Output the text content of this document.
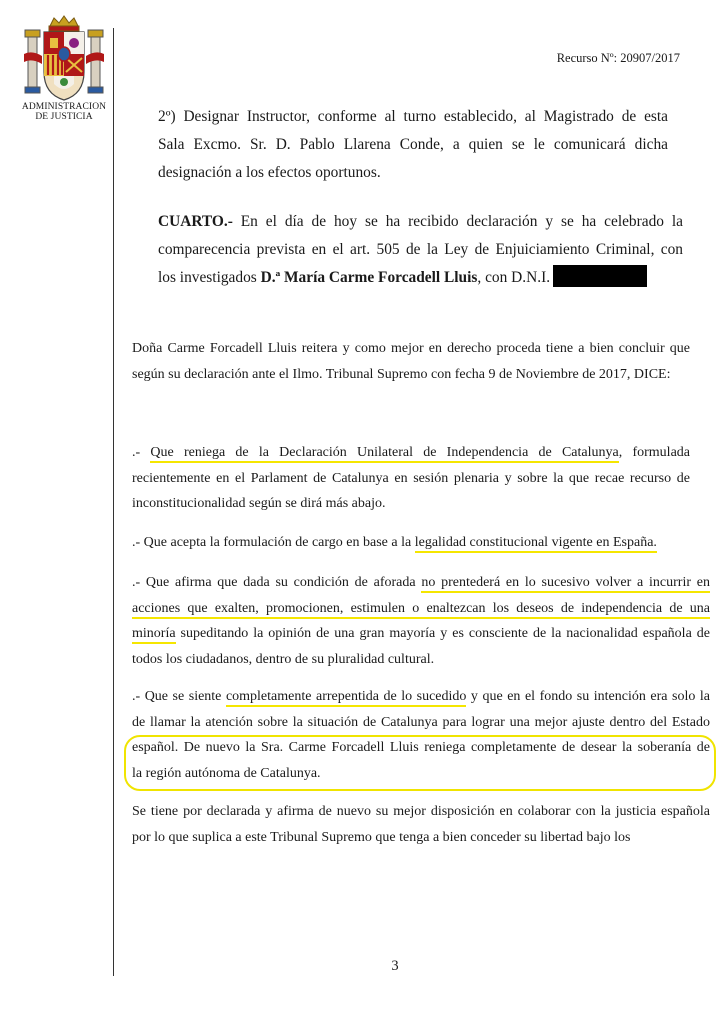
ADMINISTRACION
DE JUSTICIA
Recurso Nº: 20907/2017
2º) Designar Instructor, conforme al turno establecido, al Magistrado de esta
Sala Excmo. Sr. D. Pablo Llarena Conde, a quien se le comunicará dicha
designación a los efectos oportunos.
CUARTO.- En el día de hoy se ha recibido declaración y se ha celebrado la
comparecencia prevista en el art. 505 de la Ley de Enjuiciamiento Criminal, con
los investigados D.ª María Carme Forcadell Lluis, con D.N.I.
Doña Carme Forcadell Lluis reitera y como mejor en derecho proceda tiene a bien concluir que
según su declaración ante el Ilmo. Tribunal Supremo con fecha 9 de Noviembre de 2017, DICE:
.- Que reniega de la Declaración Unilateral de Independencia de Catalunya, formulada
recientemente en el Parlament de Catalunya en sesión plenaria y sobre la que recae recurso de
inconstitucionalidad según se dirá más abajo.
.- Que acepta la formulación de cargo en base a la legalidad constitucional vigente en España.
.- Que afirma que dada su condición de aforada no prentederá en lo sucesivo volver a incurrir en
acciones que exalten, promocionen, estimulen o enaltezcan los deseos de independencia de una
minoría supeditando la opinión de una gran mayoría y es consciente de la nacionalidad española de
todos los ciudadanos, dentro de su pluralidad cultural.
.- Que se siente completamente arrepentida de lo sucedido y que en el fondo su intención era solo la
de llamar la atención sobre la situación de Catalunya para lograr una mejor ajuste dentro del Estado
español. De nuevo la Sra. Carme Forcadell Lluis reniega completamente de desear la soberanía de
la región autónoma de Catalunya.
Se tiene por declarada y afirma de nuevo su mejor disposición en colaborar con la justicia española
por lo que suplica a este Tribunal Supremo que tenga a bien conceder su libertad bajo los
3
